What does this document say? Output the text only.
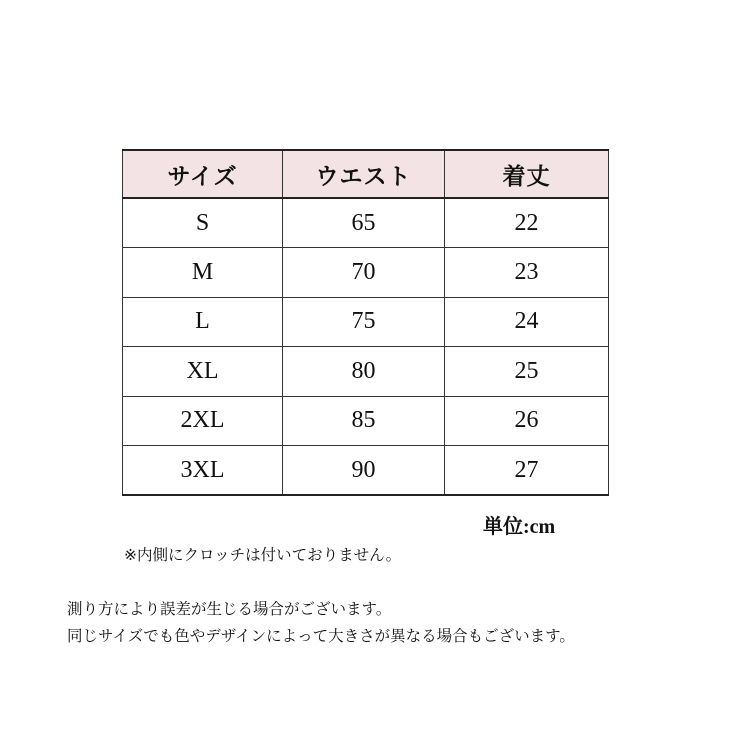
サイズ	ウエスト	着丈
S	65	22
M	70	23
L	75	24
XL	80	25
2XL	85	26
3XL	90	27
単位:cm
※内側にクロッチは付いておりません。
測り方により誤差が生じる場合がございます。
同じサイズでも色やデザインによって大きさが異なる場合もございます。
